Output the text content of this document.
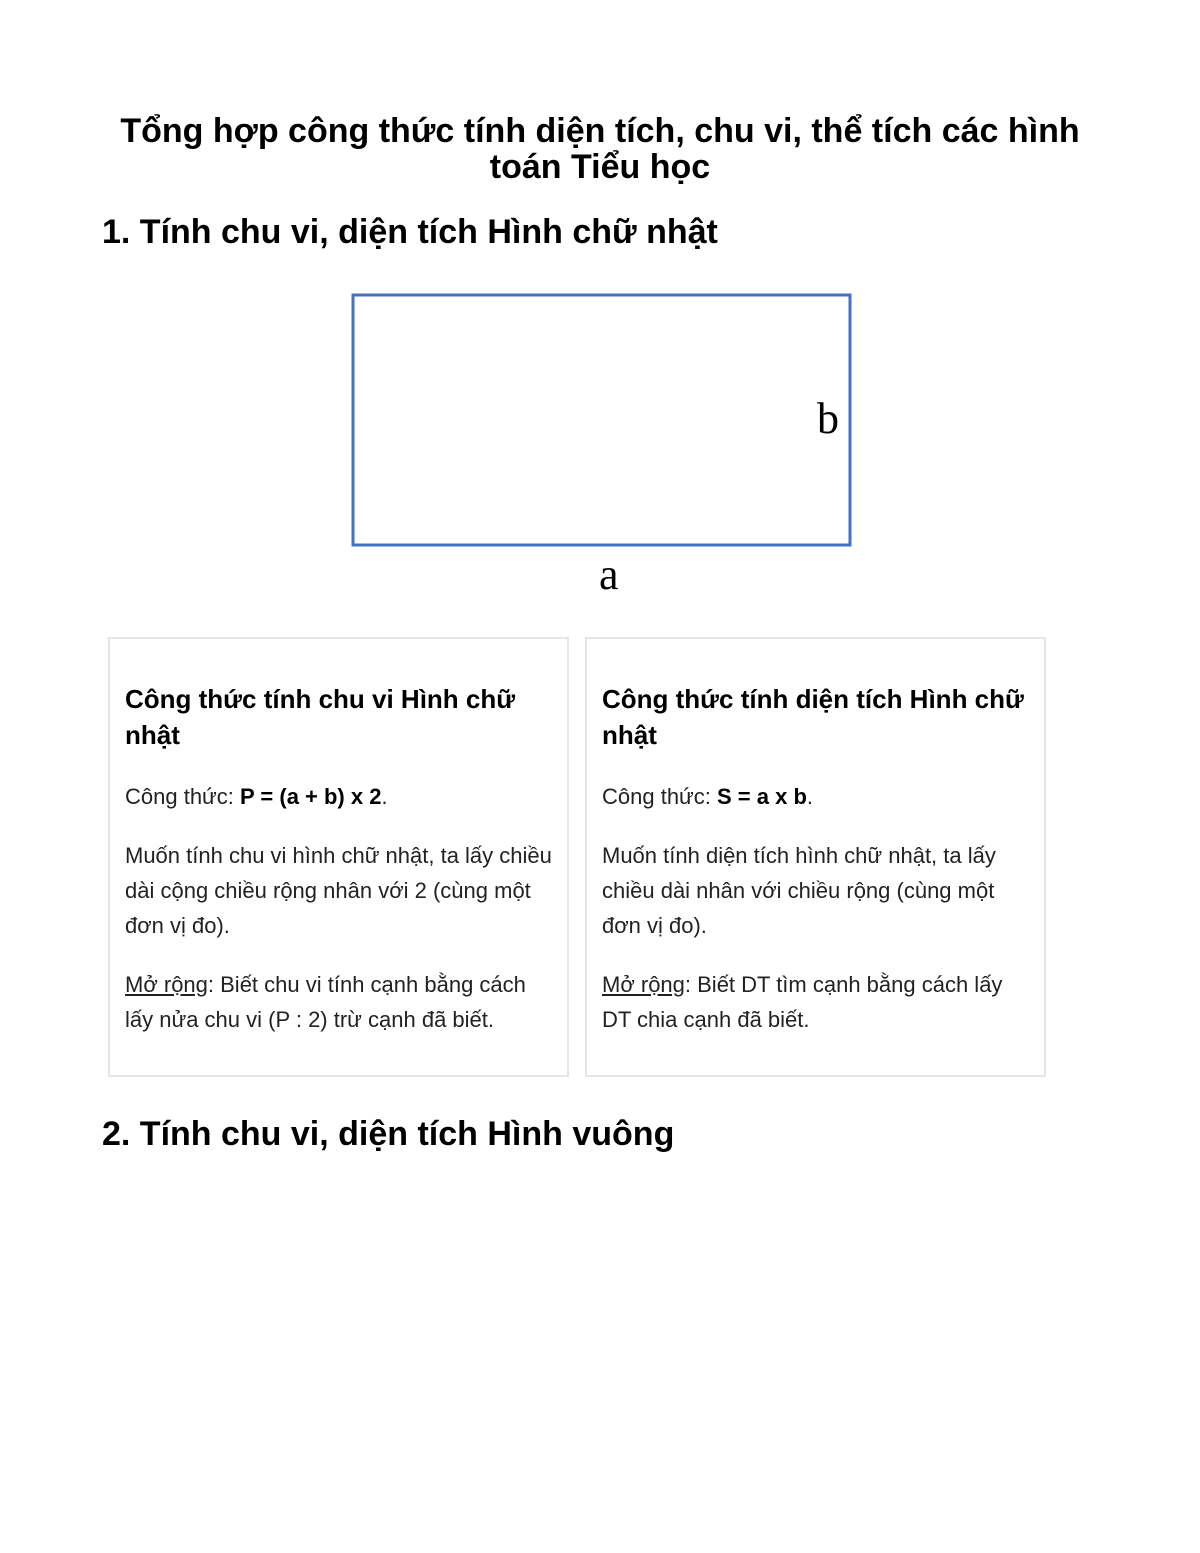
Tổng hợp công thức tính diện tích, chu vi, thể tích các hình toán Tiểu học
1. Tính chu vi, diện tích Hình chữ nhật
b
a
Công thức tính chu vi Hình chữ nhật

Công thức: P = (a + b) x 2.

Muốn tính chu vi hình chữ nhật, ta lấy chiều dài cộng chiều rộng nhân với 2 (cùng một đơn vị đo).

Mở rộng: Biết chu vi tính cạnh bằng cách lấy nửa chu vi (P : 2) trừ cạnh đã biết.

Công thức tính diện tích Hình chữ nhật

Công thức: S = a x b.

Muốn tính diện tích hình chữ nhật, ta lấy chiều dài nhân với chiều rộng (cùng một đơn vị đo).

Mở rộng: Biết DT tìm cạnh bằng cách lấy DT chia cạnh đã biết.

2. Tính chu vi, diện tích Hình vuông
